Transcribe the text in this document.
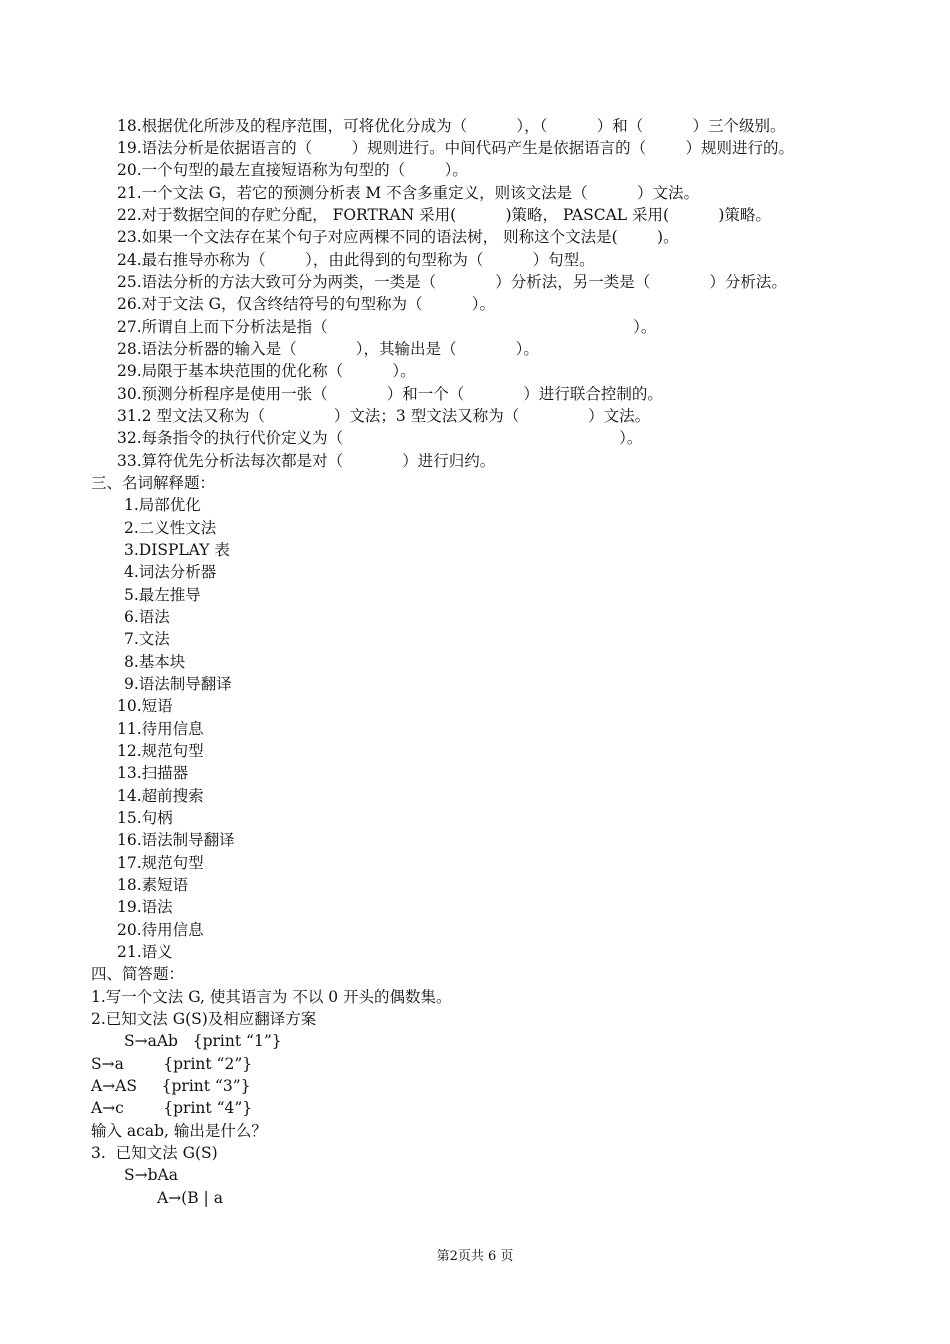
18.根据优化所涉及的程序范围，可将优化分成为（          ），（          ）和（          ）三个级别。
19.语法分析是依据语言的（        ）规则进行。中间代码产生是依据语言的（        ）规则进行的。
20.一个句型的最左直接短语称为句型的（        ）。
21.一个文法 G，若它的预测分析表 M 不含多重定义，则该文法是（          ）文法。
22.对于数据空间的存贮分配， FORTRAN 采用(          )策略， PASCAL 采用(          )策略。
23.如果一个文法存在某个句子对应两棵不同的语法树， 则称这个文法是(        )。
24.最右推导亦称为（        ），由此得到的句型称为（          ）句型。
25.语法分析的方法大致可分为两类，一类是（            ）分析法，另一类是（            ）分析法。
26.对于文法 G，仅含终结符号的句型称为（          ）。
27.所谓自上而下分析法是指（                                                              ）。
28.语法分析器的输入是（            ），其输出是（            ）。
29.局限于基本块范围的优化称（          ）。
30.预测分析程序是使用一张（            ）和一个（            ）进行联合控制的。
31.2 型文法又称为（              ）文法；3 型文法又称为（              ）文法。
32.每条指令的执行代价定义为（                                                        ）。
33.算符优先分析法每次都是对（            ）进行归约。
三、名词解释题：
1.局部优化
2.二义性文法
3.DISPLAY 表
4.词法分析器
5.最左推导
6.语法
7.文法
8.基本块
9.语法制导翻译
10.短语
11.待用信息
12.规范句型
13.扫描器
14.超前搜索
15.句柄
16.语法制导翻译
17.规范句型
18.素短语
19.语法
20.待用信息
21.语义
四、简答题：
1.写一个文法 G, 使其语言为 不以 0 开头的偶数集。
2.已知文法 G(S)及相应翻译方案
S→aAb   {print “1”}
S→a        {print “2”}
A→AS     {print “3”}
A→c        {print “4”}
输入 acab, 输出是什么？
3.  已知文法 G(S)
S→bAa
A→(B | a
第2页共 6 页
